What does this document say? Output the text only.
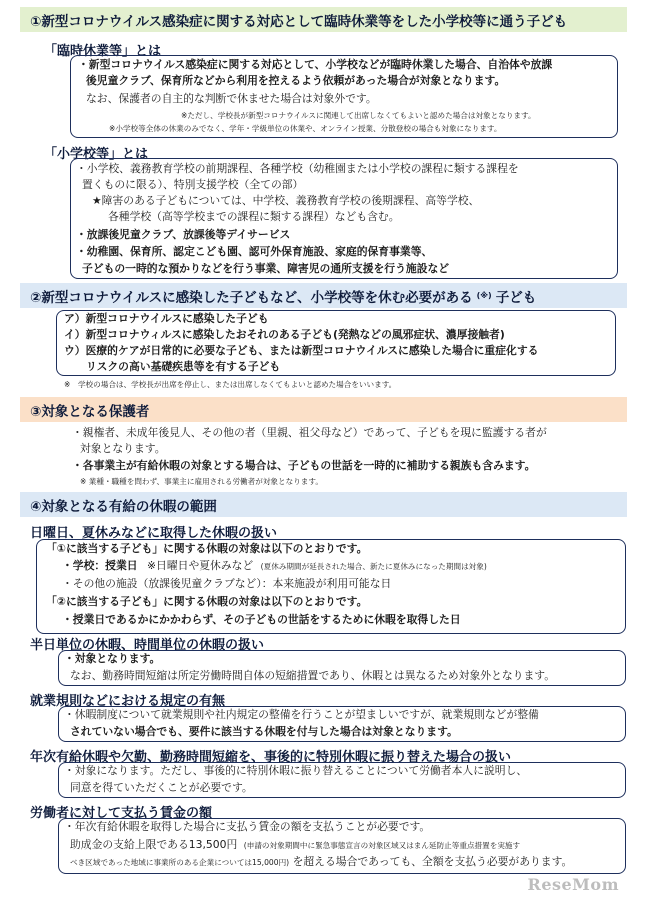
①新型コロナウイルス感染症に関する対応として臨時休業等をした小学校等に通う子ども
「臨時休業等」とは
・新型コロナウイルス感染症に関する対応として、小学校などが臨時休業した場合、自治体や放課
後児童クラブ、保育所などから利用を控えるよう依頼があった場合が対象となります。
なお、保護者の自主的な判断で休ませた場合は対象外です。
※ただし、学校長が新型コロナウイルスに関連して出席しなくてもよいと認めた場合は対象となります。
※小学校等全体の休業のみでなく、学年・学級単位の休業や、オンライン授業、分散登校の場合も対象になります。
「小学校等」とは
・小学校、義務教育学校の前期課程、各種学校（幼稚園または小学校の課程に類する課程を
置くものに限る）、特別支援学校（全ての部）
★障害のある子どもについては、中学校、義務教育学校の後期課程、高等学校、
各種学校（高等学校までの課程に類する課程）なども含む。
・放課後児童クラブ、放課後等デイサービス
・幼稚園、保育所、認定こども園、認可外保育施設、家庭的保育事業等、
子どもの一時的な預かりなどを行う事業、障害児の通所支援を行う施設など
②新型コロナウイルスに感染した子どもなど、小学校等を休む必要がある (※) 子ども
ア）新型コロナウイルスに感染した子ども
イ）新型コロナウィルスに感染したおそれのある子ども(発熱などの風邪症状、濃厚接触者)
ウ）医療的ケアが日常的に必要な子ども、または新型コロナウイルスに感染した場合に重症化する
リスクの高い基礎疾患等を有する子ども
※　学校の場合は、学校長が出席を停止し、または出席しなくてもよいと認めた場合をいいます。
③対象となる保護者
・親権者、未成年後見人、その他の者（里親、祖父母など）であって、子どもを現に監護する者が
対象となります。
・各事業主が有給休暇の対象とする場合は、子どもの世話を一時的に補助する親族も含みます。
※ 業種・職種を問わず、事業主に雇用される労働者が対象となります。
④対象となる有給の休暇の範囲
日曜日、夏休みなどに取得した休暇の扱い
「①に該当する子ども」に関する休暇の対象は以下のとおりです。
・学校：授業日 ※日曜日や夏休みなど (夏休み期間が延長された場合、新たに夏休みになった期間は対象)
・その他の施設（放課後児童クラブなど）：本来施設が利用可能な日
「②に該当する子ども」に関する休暇の対象は以下のとおりです。
・授業日であるかにかかわらず、その子どもの世話をするために休暇を取得した日
半日単位の休暇、時間単位の休暇の扱い
・対象となります。
なお、勤務時間短縮は所定労働時間自体の短縮措置であり、休暇とは異なるため対象外となります。
就業規則などにおける規定の有無
・休暇制度について就業規則や社内規定の整備を行うことが望ましいですが、就業規則などが整備
されていない場合でも、要件に該当する休暇を付与した場合は対象となります。
年次有給休暇や欠勤、勤務時間短縮を、事後的に特別休暇に振り替えた場合の扱い
・対象になります。ただし、事後的に特別休暇に振り替えることについて労働者本人に説明し、
同意を得ていただくことが必要です。
労働者に対して支払う賃金の額
・年次有給休暇を取得した場合に支払う賃金の額を支払うことが必要です。
助成金の支給上限である13,500円 (申請の対象期間中に緊急事態宣言の対象区域又はまん延防止等重点措置を実施す
べき区域であった地域に事業所のある企業については15,000円) を超える場合であっても、全額を支払う必要があります。
ReseMom
